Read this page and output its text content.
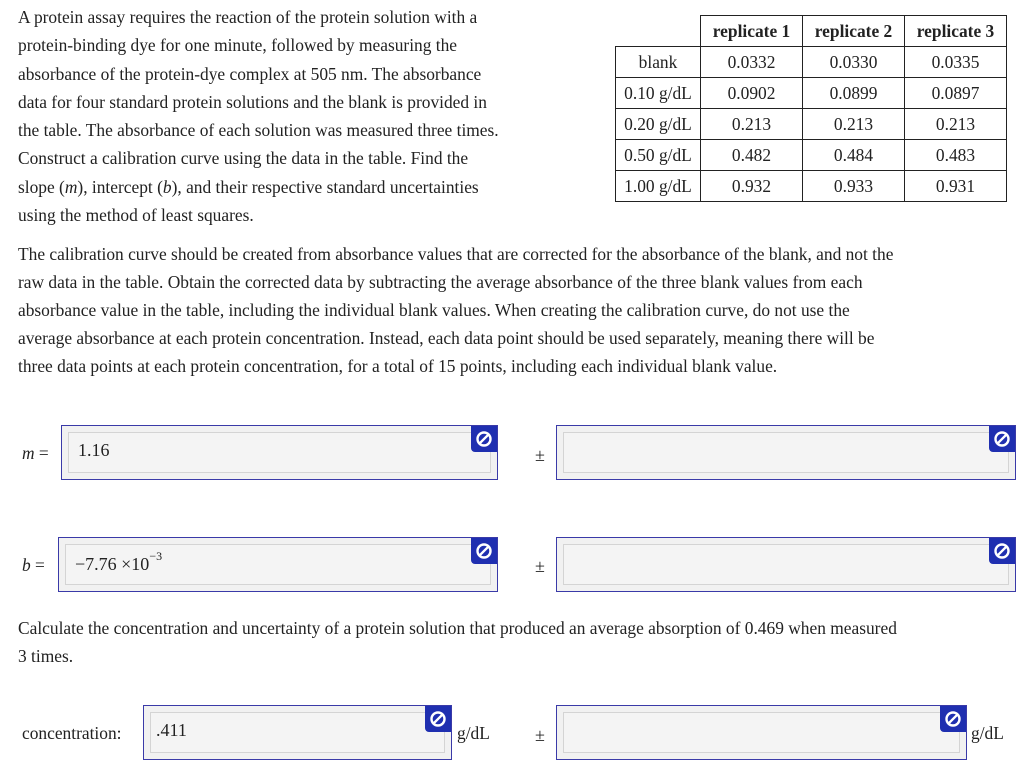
A protein assay requires the reaction of the protein solution with a
protein-binding dye for one minute, followed by measuring the
absorbance of the protein-dye complex at 505 nm. The absorbance
data for four standard protein solutions and the blank is provided in
the table. The absorbance of each solution was measured three times.
Construct a calibration curve using the data in the table. Find the
slope (m), intercept (b), and their respective standard uncertainties
using the method of least squares.
	replicate 1	replicate 2	replicate 3
blank	0.0332	0.0330	0.0335
0.10 g/dL	0.0902	0.0899	0.0897
0.20 g/dL	0.213	0.213	0.213
0.50 g/dL	0.482	0.484	0.483
1.00 g/dL	0.932	0.933	0.931
The calibration curve should be created from absorbance values that are corrected for the absorbance of the blank, and not the
raw data in the table. Obtain the corrected data by subtracting the average absorbance of the three blank values from each
absorbance value in the table, including the individual blank values. When creating the calibration curve, do not use the
average absorbance at each protein concentration. Instead, each data point should be used separately, meaning there will be
three data points at each protein concentration, for a total of 15 points, including each individual blank value.
m = 1.16	±
$b = -7.76 \times 10^{-3}$	±
Calculate the concentration and uncertainty of a protein solution that produced an average absorption of 0.469 when measured
3 times.
concentration: .411	g/dL	±	g/dL
